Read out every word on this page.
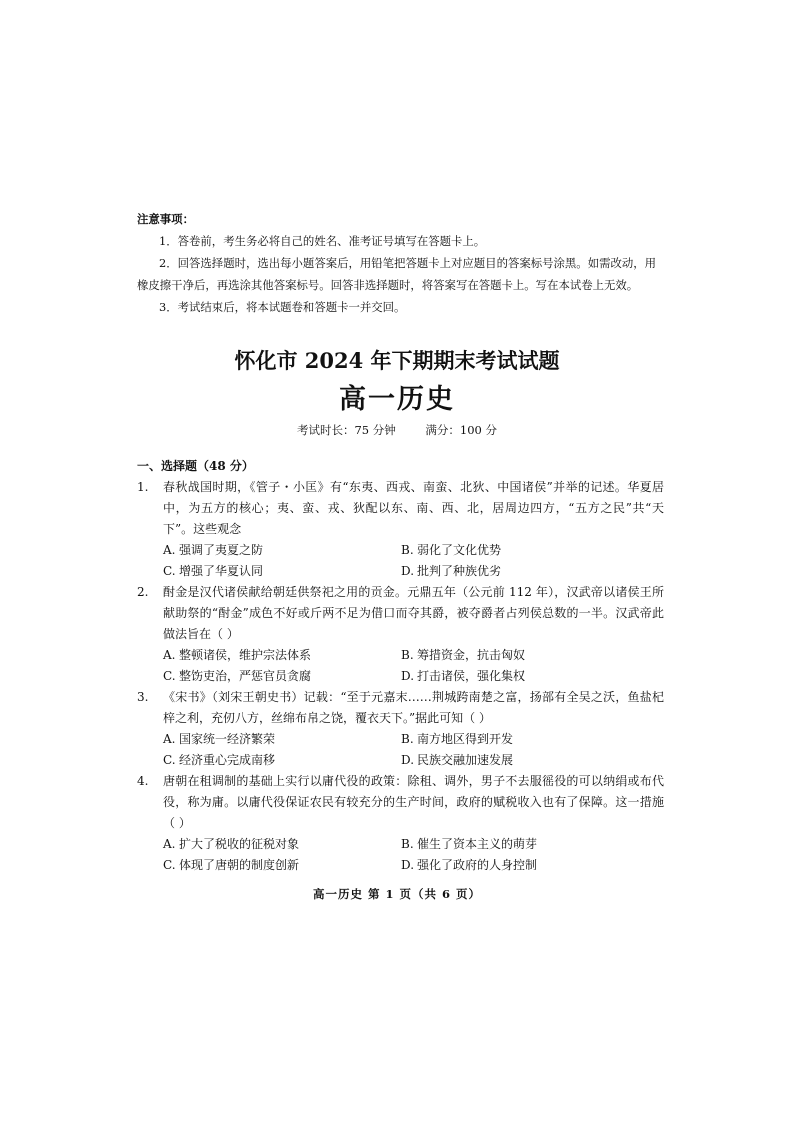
注意事项：
1．答卷前，考生务必将自己的姓名、准考证号填写在答题卡上。
2．回答选择题时，选出每小题答案后，用铅笔把答题卡上对应题目的答案标号涂黑。如需改动，用橡皮擦干净后，再选涂其他答案标号。回答非选择题时，将答案写在答题卡上。写在本试卷上无效。
3．考试结束后，将本试题卷和答题卡一并交回。
怀化市 2024 年下期期末考试试题
高一历史
考试时长：75 分钟	满分：100 分
一、选择题（48 分）
1.	春秋战国时期，《管子・小匡》有“东夷、西戎、南蛮、北狄、中国诸侯”并举的记述。华夏居中，为五方的核心；夷、蛮、戎、狄配以东、南、西、北，居周边四方，“五方之民”共“天下”。这些观念
A. 强调了夷夏之防	B. 弱化了文化优势
C. 增强了华夏认同	D. 批判了种族优劣
2.	酎金是汉代诸侯献给朝廷供祭祀之用的贡金。元鼎五年（公元前 112 年），汉武帝以诸侯王所献助祭的“酎金”成色不好或斤两不足为借口而夺其爵，被夺爵者占列侯总数的一半。汉武帝此做法旨在（ ）
A. 整顿诸侯，维护宗法体系	B. 筹措资金，抗击匈奴
C. 整饬吏治，严惩官员贪腐	D. 打击诸侯，强化集权
3.	《宋书》（刘宋王朝史书）记载：“至于元嘉末……荆城跨南楚之富，扬部有全吴之沃，鱼盐杞梓之利，充仞八方，丝绵布帛之饶，覆衣天下。”据此可知（ ）
A. 国家统一经济繁荣	B. 南方地区得到开发
C. 经济重心完成南移	D. 民族交融加速发展
4.	唐朝在租调制的基础上实行以庸代役的政策：除租、调外，男子不去服徭役的可以纳绢或布代役，称为庸。以庸代役保证农民有较充分的生产时间，政府的赋税收入也有了保障。这一措施（ ）
A. 扩大了税收的征税对象	B. 催生了资本主义的萌芽
C. 体现了唐朝的制度创新	D. 强化了政府的人身控制
高一历史 第 1 页（共 6 页）
